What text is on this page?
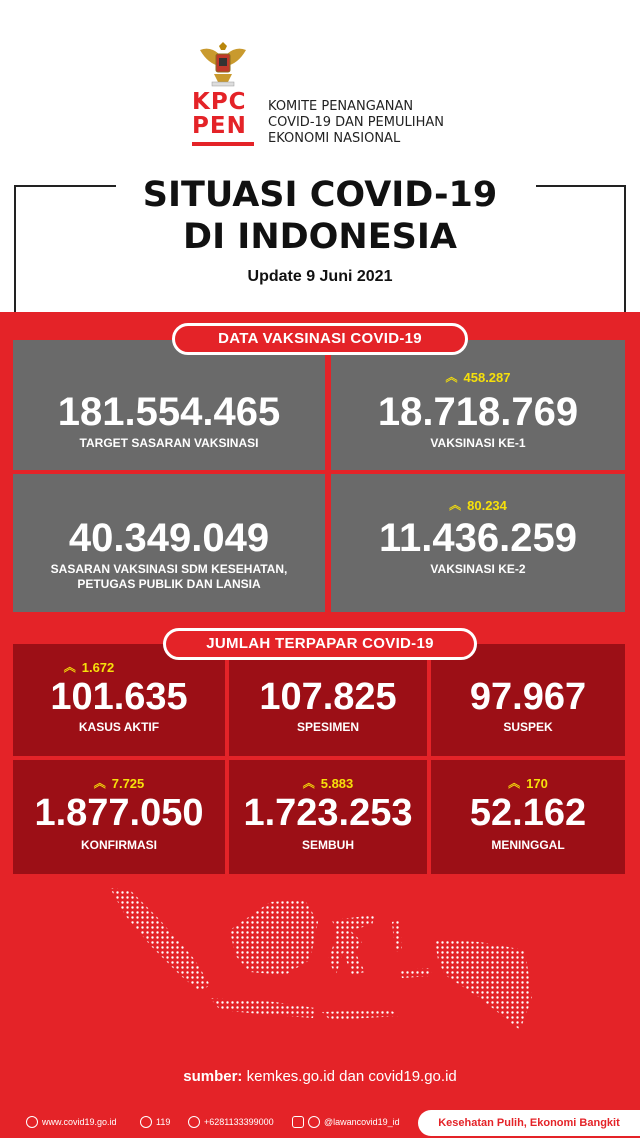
KPC
PEN
KOMITE PENANGANAN
COVID-19 DAN PEMULIHAN
EKONOMI NASIONAL
SITUASI COVID-19
DI INDONESIA
Update 9 Juni 2021
181.554.465
TARGET SASARAN VAKSINASI
︽ 458.287
18.718.769
VAKSINASI KE-1
40.349.049
SASARAN VAKSINASI SDM KESEHATAN,
PETUGAS PUBLIK DAN LANSIA
︽ 80.234
11.436.259
VAKSINASI KE-2
DATA VAKSINASI COVID-19
︽ 1.672
101.635
KASUS AKTIF
107.825
SPESIMEN
97.967
SUSPEK
︽ 7.725
1.877.050
KONFIRMASI
︽ 5.883
1.723.253
SEMBUH
︽ 170
52.162
MENINGGAL
JUMLAH TERPAPAR COVID-19
sumber: kemkes.go.id dan covid19.go.id
www.covid19.go.id	119	+6281133399000	@lawancovid19_id	Kesehatan Pulih, Ekonomi Bangkit
